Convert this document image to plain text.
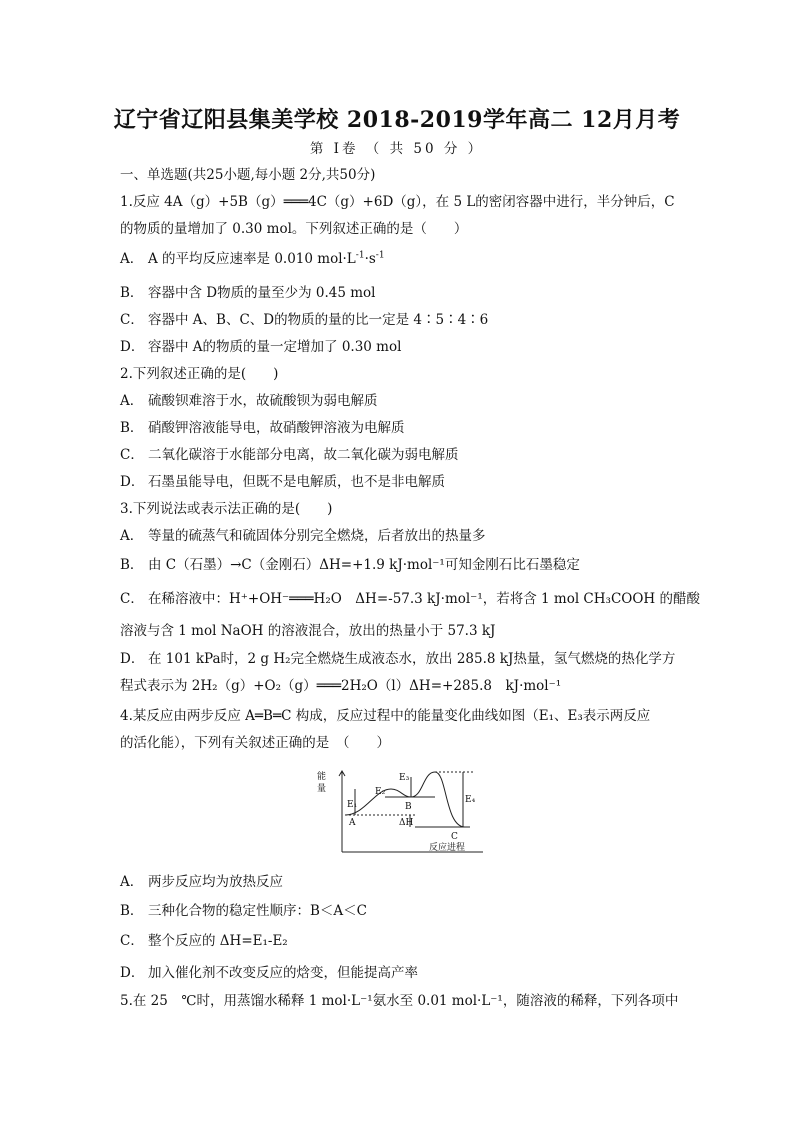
辽宁省辽阳县集美学校 2018-2019学年高二 12月月考
第 I卷 （ 共 50 分 ）
一、单选题(共25小题,每小题 2分,共50分)
1.反应 4A（g）+5B（g）═══4C（g）+6D（g），在 5 L的密闭容器中进行，半分钟后，C
的物质的量增加了 0.30 mol。下列叙述正确的是（　　）
A． A 的平均反应速率是 0.010 $mol\cdot L^{-1}\cdot s^{-1}$
B． 容器中含 D物质的量至少为 0.45 mol
C． 容器中 A、B、C、D的物质的量的比一定是 4∶5∶4∶6
D． 容器中 A的物质的量一定增加了 0.30 mol
2.下列叙述正确的是(　　)
A． 硫酸钡难溶于水，故硫酸钡为弱电解质
B． 硝酸钾溶液能导电，故硝酸钾溶液为电解质
C． 二氧化碳溶于水能部分电离，故二氧化碳为弱电解质
D． 石墨虽能导电，但既不是电解质，也不是非电解质
3.下列说法或表示法正确的是(　　)
A． 等量的硫蒸气和硫固体分别完全燃烧，后者放出的热量多
B． 由 C（石墨）→C（金刚石）ΔH=+1.9 kJ·mol⁻¹可知金刚石比石墨稳定
C． 在稀溶液中：H⁺+OH⁻═══H₂O　ΔH=-57.3 kJ·mol⁻¹，若将含 1 mol CH₃COOH 的醋酸
溶液与含 1 mol NaOH 的溶液混合，放出的热量小于 57.3 kJ
D． 在 101 kPa时，2 g H₂完全燃烧生成液态水，放出 285.8 kJ热量，氢气燃烧的热化学方
程式表示为 2H₂（g）+O₂（g）═══2H₂O（l）ΔH=+285.8　kJ·mol⁻¹
4.某反应由两步反应 A═B═C 构成，反应过程中的能量变化曲线如图（E₁、E₃表示两反应
的活化能），下列有关叙述正确的是　（　　）
能
量
E₁
E₂
E₃
E₄
A
B
C
ΔH
反应进程
A． 两步反应均为放热反应
B． 三种化合物的稳定性顺序：B＜A＜C
C． 整个反应的 ΔH=E₁-E₂
D． 加入催化剂不改变反应的焓变，但能提高产率
5.在 25　℃时，用蒸馏水稀释 1 mol·L⁻¹氨水至 0.01 mol·L⁻¹，随溶液的稀释，下列各项中
